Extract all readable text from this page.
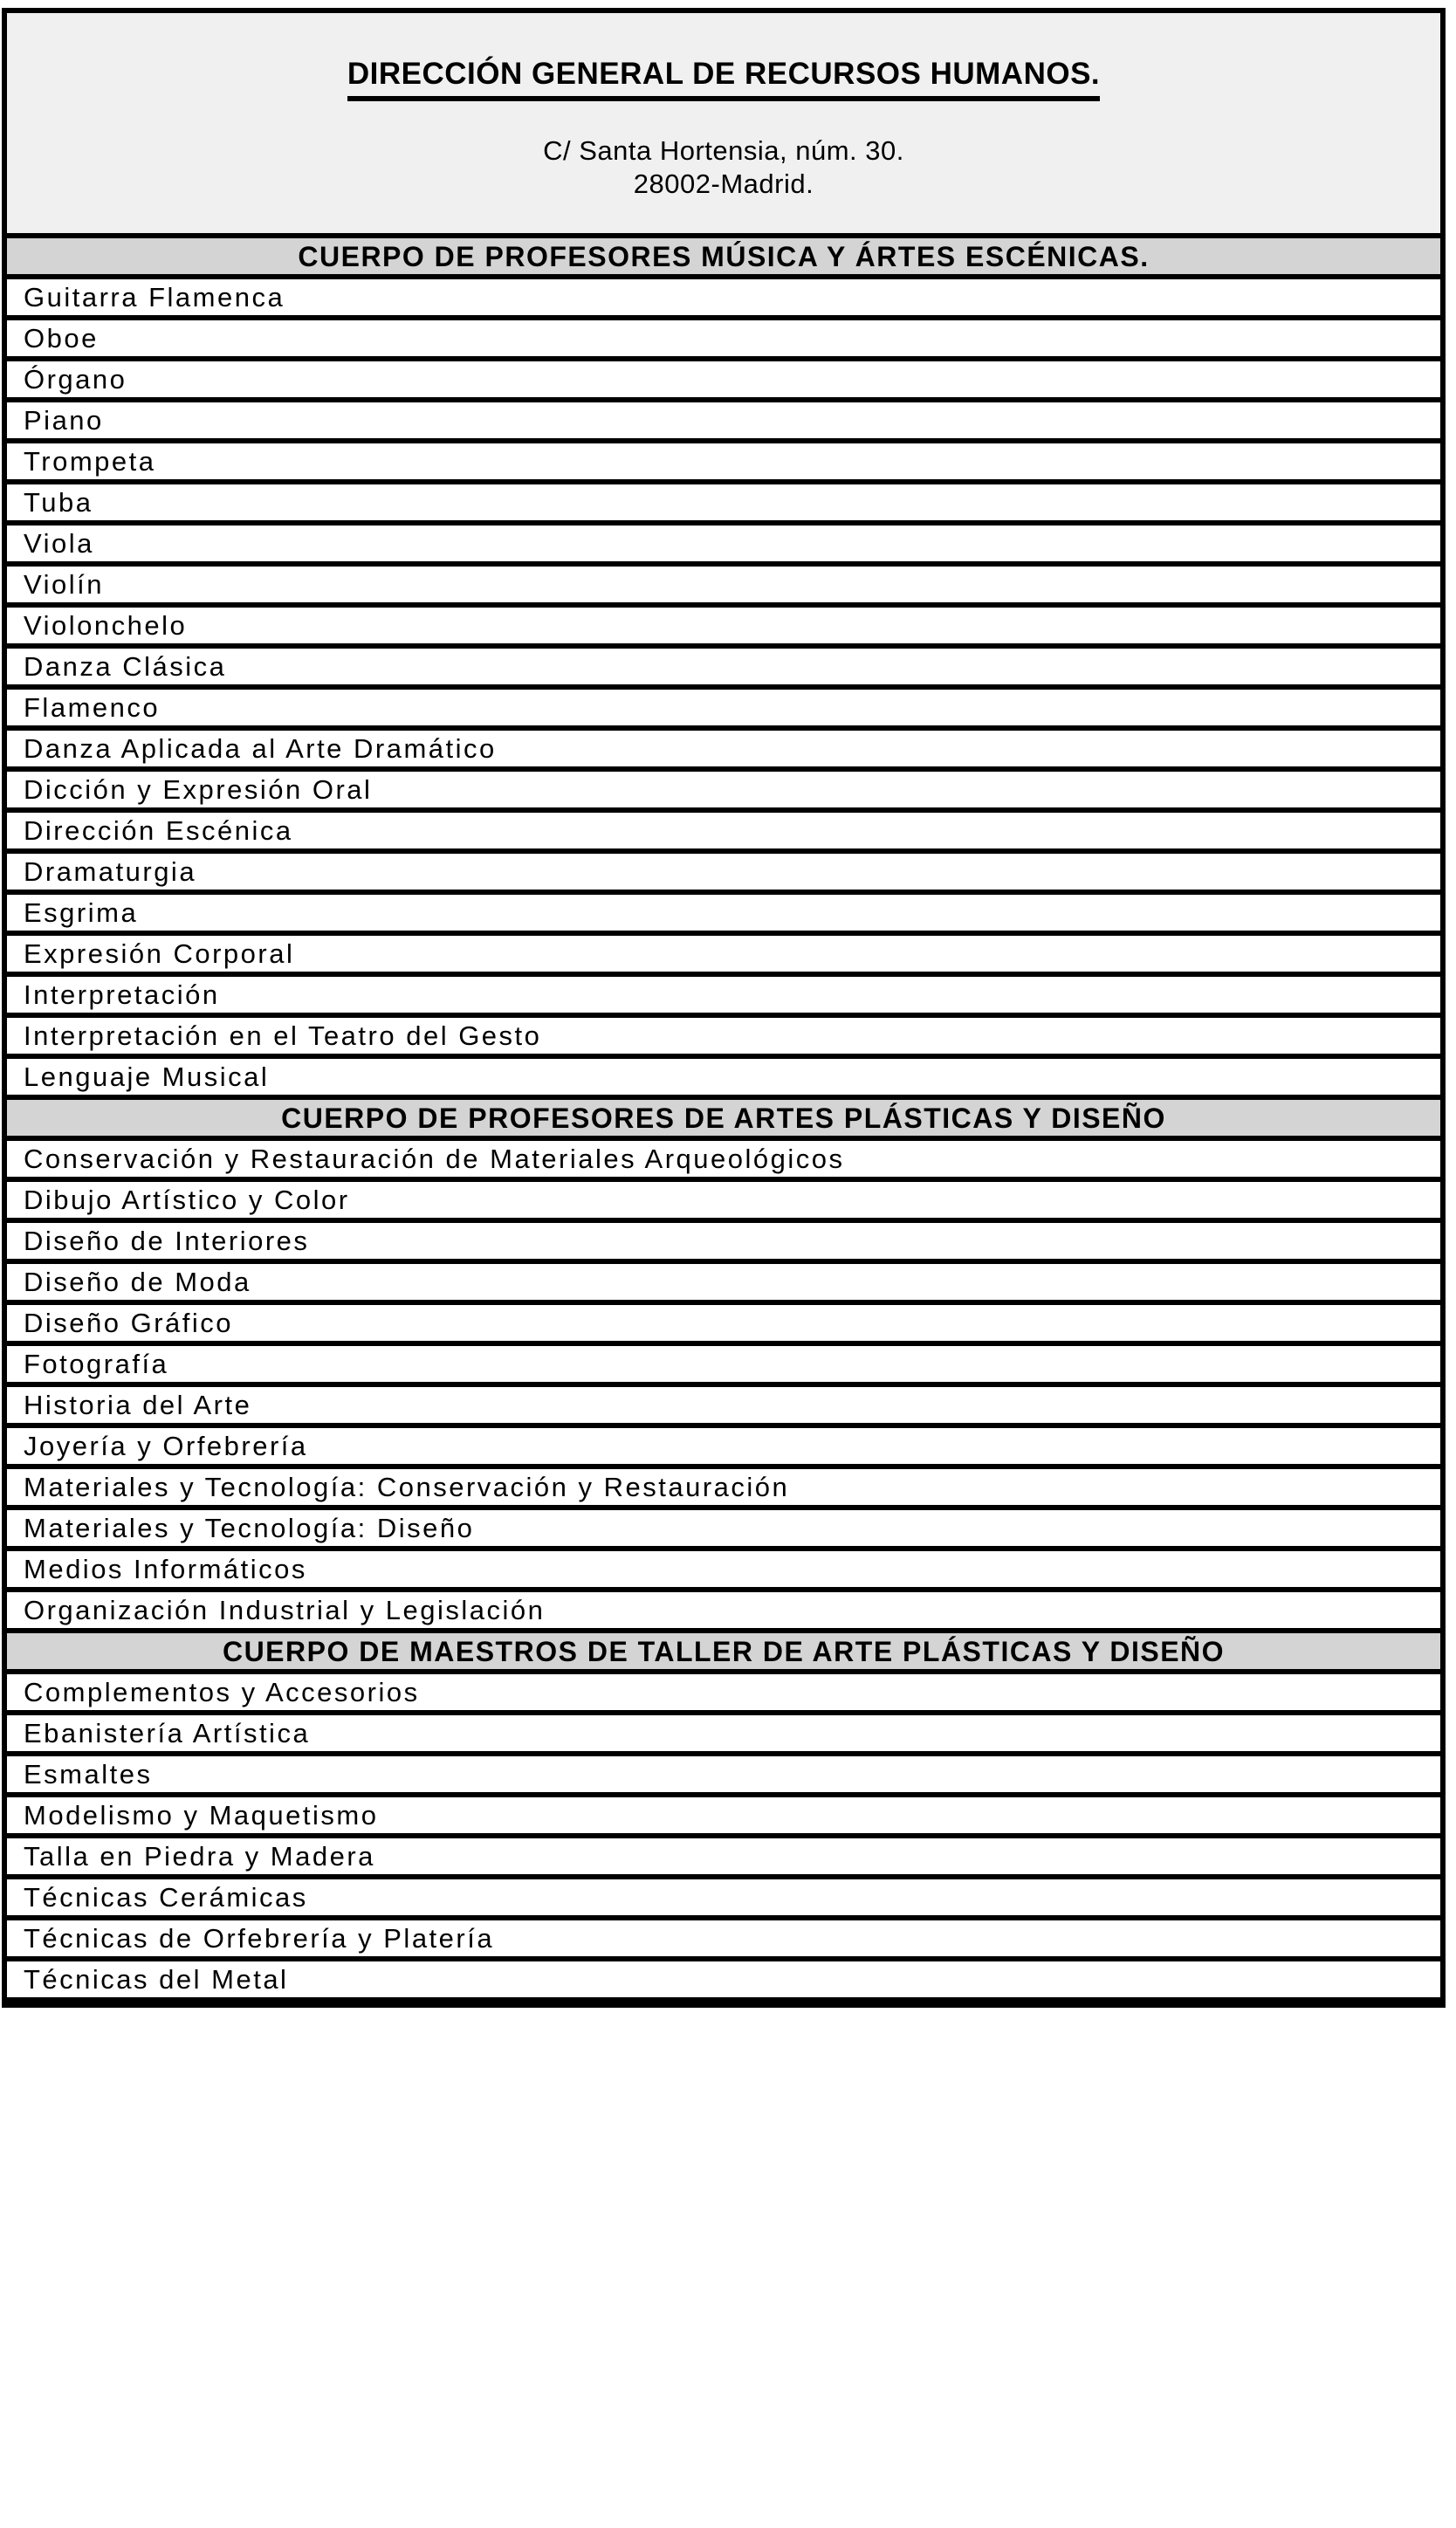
DIRECCIÓN GENERAL DE RECURSOS HUMANOS.
C/ Santa Hortensia, núm. 30.
28002-Madrid.
CUERPO DE PROFESORES MÚSICA Y ÁRTES ESCÉNICAS.
Guitarra Flamenca
Oboe
Órgano
Piano
Trompeta
Tuba
Viola
Violín
Violonchelo
Danza Clásica
Flamenco
Danza Aplicada al Arte Dramático
Dicción y Expresión Oral
Dirección Escénica
Dramaturgia
Esgrima
Expresión Corporal
Interpretación
Interpretación en el Teatro del Gesto
Lenguaje Musical
CUERPO DE PROFESORES DE ARTES PLÁSTICAS Y DISEÑO
Conservación y Restauración de Materiales Arqueológicos
Dibujo Artístico y Color
Diseño de Interiores
Diseño de Moda
Diseño Gráfico
Fotografía
Historia del Arte
Joyería y Orfebrería
Materiales y Tecnología: Conservación y Restauración
Materiales y Tecnología: Diseño
Medios Informáticos
Organización Industrial y Legislación
CUERPO DE MAESTROS DE TALLER DE ARTE PLÁSTICAS Y DISEÑO
Complementos y Accesorios
Ebanistería Artística
Esmaltes
Modelismo y Maquetismo
Talla en Piedra y Madera
Técnicas Cerámicas
Técnicas de Orfebrería y Platería
Técnicas del Metal
